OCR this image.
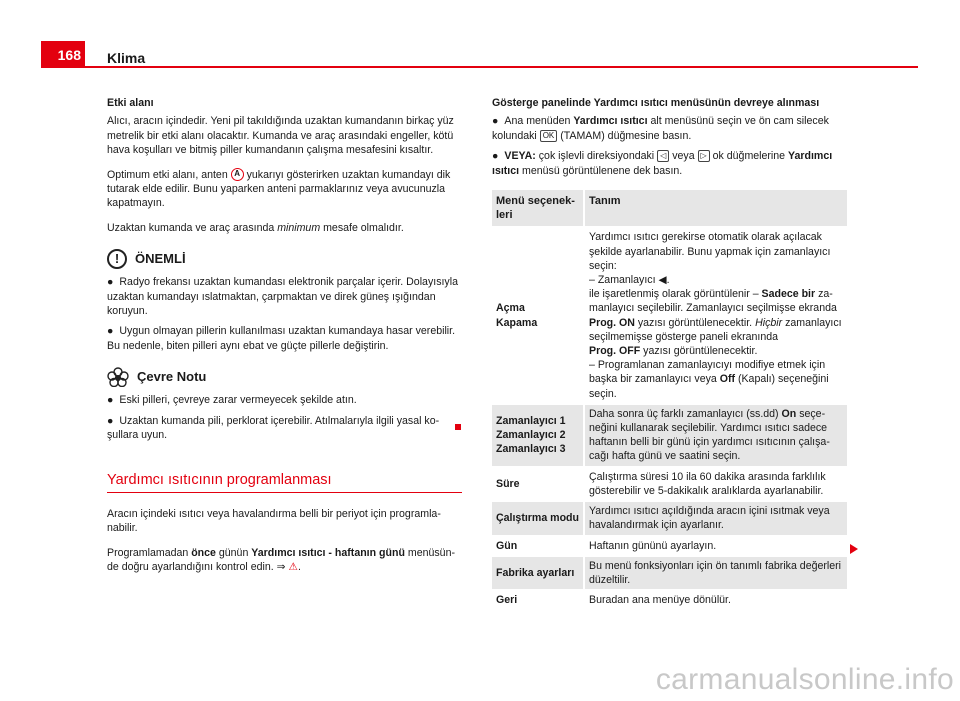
168 Klima
Etki alanı

Alıcı, aracın içindedir. Yeni pil takıldığında uzaktan kumandanın birkaç yüz metrelik bir etki alanı olacaktır. Kumanda ve araç arasındaki engeller, kötü hava koşulları ve bitmiş piller kumandanın çalışma mesafesini kısaltır.

Optimum etki alanı, anten A yukarıyı gösterirken uzaktan kumandayı dik tutarak elde edilir. Bunu yaparken anteni parmaklarınız veya avucunuzla kapatmayın.

Uzaktan kumanda ve araç arasında minimum mesafe olmalıdır.

!	ÖNEMLİ
● Radyo frekansı uzaktan kumandası elektronik parçalar içerir. Dolayısıyla uzaktan kumandayı ıslatmaktan, çarpmaktan ve direk güneş ışığından koruyun.
● Uygun olmayan pillerin kullanılması uzaktan kumandaya hasar verebilir. Bu nedenle, biten pilleri aynı ebat ve güçte pillerle değiştirin.
Çevre Notu
● Eski pilleri, çevreye zarar vermeyecek şekilde atın.
● Uzaktan kumanda pili, perklorat içerebilir. Atılmalarıyla ilgili yasal koşullara uyun.
Yardımcı ısıtıcının programlanması

Aracın içindeki ısıtıcı veya havalandırma belli bir periyot için programlanabilir.

Programlamadan önce günün Yardımcı ısıtıcı - haftanın günü menüsünde doğru ayarlandığını kontrol edin. ⇒ ⚠.

Gösterge panelinde Yardımcı ısıtıcı menüsünün devreye alınması
● Ana menüden Yardımcı ısıtıcı alt menüsünü seçin ve ön cam silecek kolundaki OK (TAMAM) düğmesine basın.
● VEYA: çok işlevli direksiyondaki ◁ veya ▷ ok düğmelerine Yardımcı ısıtıcı menüsü görüntülenene dek basın.
Menü seçenekleri	Tanım
Açma
Kapama	Yardımcı ısıtıcı gerekirse otomatik olarak açılacak şekilde ayarlanabilir. Bunu yapmak için zamanlayıcı seçin:
– Zamanlayıcı ◀.
ile işaretlenmiş olarak görüntülenir – Sadece bir zamanlayıcı seçilebilir. Zamanlayıcı seçilmişse ekranda Prog. ON yazısı görüntülenecektir. Hiçbir zamanlayıcı seçilmemişse gösterge paneli ekranında
Prog. OFF yazısı görüntülenecektir.
– Programlanan zamanlayıcıyı modifiye etmek için başka bir zamanlayıcı veya Off (Kapalı) seçeneğini seçin.
Zamanlayıcı 1
Zamanlayıcı 2
Zamanlayıcı 3	Daha sonra üç farklı zamanlayıcı (ss.dd) On seçeneğini kullanarak seçilebilir. Yardımcı ısıtıcı sadece haftanın belli bir günü için yardımcı ısıtıcının çalışacağı hafta günü ve saatini seçin.
Süre	Çalıştırma süresi 10 ila 60 dakika arasında farklılık gösterebilir ve 5-dakikalık aralıklarda ayarlanabilir.
Çalıştırma modu	Yardımcı ısıtıcı açıldığında aracın içini ısıtmak veya havalandırmak için ayarlanır.
Gün	Haftanın gününü ayarlayın.
Fabrika ayarları	Bu menü fonksiyonları için ön tanımlı fabrika değerleri düzeltilir.
Geri	Buradan ana menüye dönülür.
carmanualsonline.info
